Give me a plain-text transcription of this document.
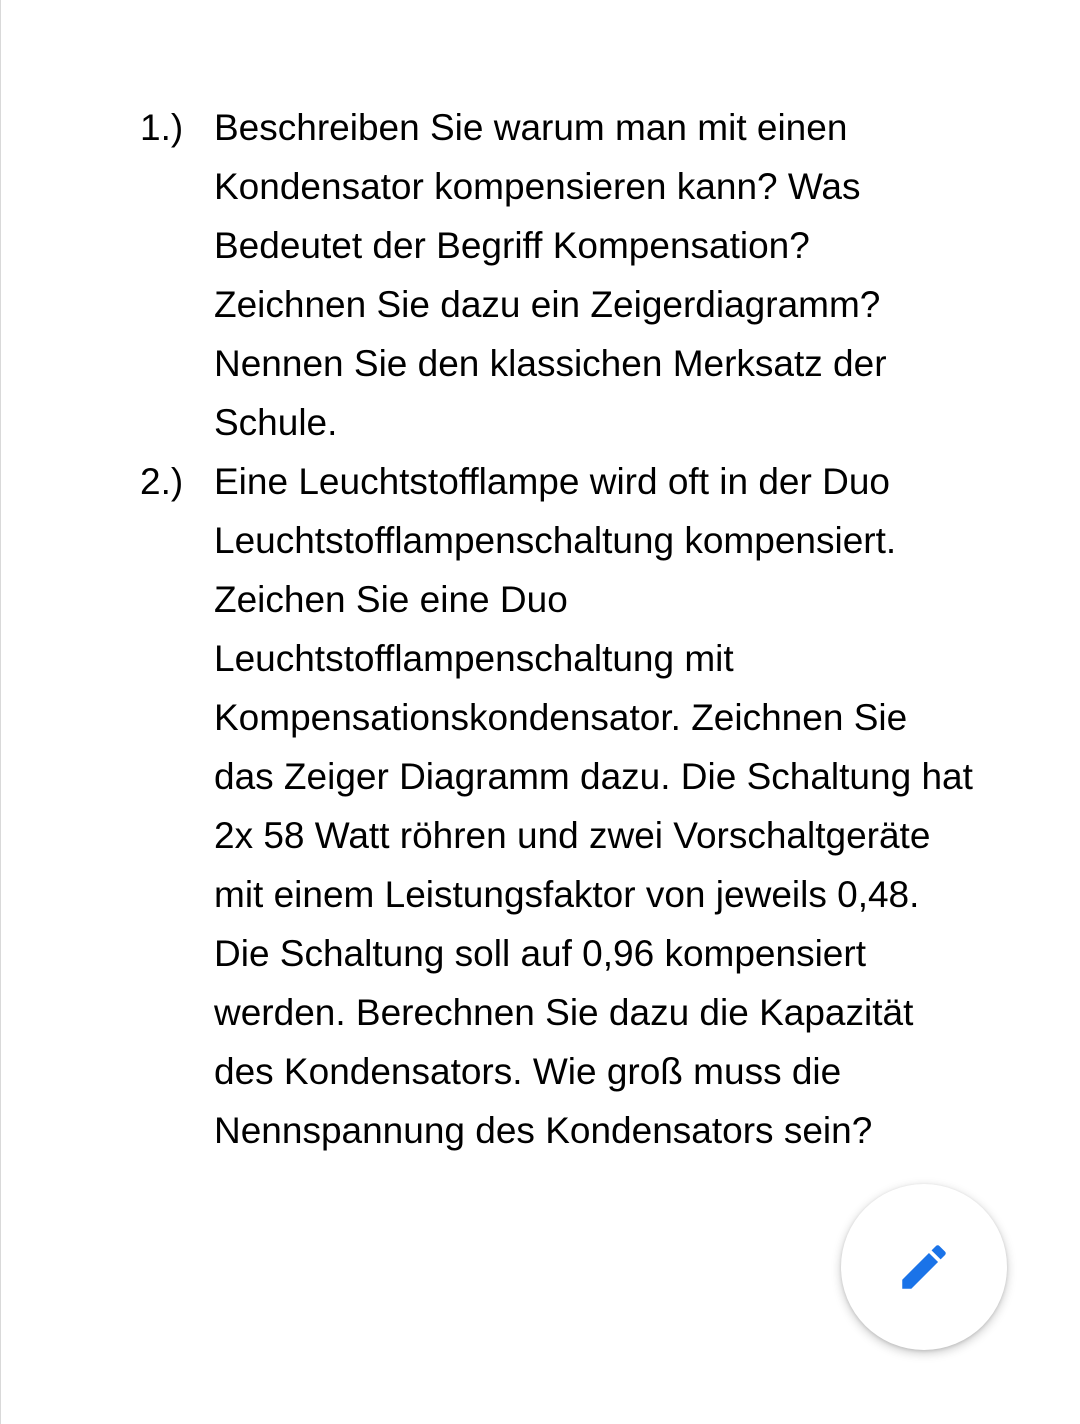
1.) Beschreiben Sie warum man mit einen
Kondensator kompensieren kann? Was
Bedeutet der Begriff Kompensation?
Zeichnen Sie dazu ein Zeigerdiagramm?
Nennen Sie den klassichen Merksatz der
Schule.
2.) Eine Leuchtstofflampe wird oft in der Duo
Leuchtstofflampenschaltung kompensiert.
Zeichen Sie eine Duo
Leuchtstofflampenschaltung mit
Kompensationskondensator. Zeichnen Sie
das Zeiger Diagramm dazu. Die Schaltung hat
2x 58 Watt röhren und zwei Vorschaltgeräte
mit einem Leistungsfaktor von jeweils 0,48.
Die Schaltung soll auf 0,96 kompensiert
werden. Berechnen Sie dazu die Kapazität
des Kondensators. Wie groß muss die
Nennspannung des Kondensators sein?
